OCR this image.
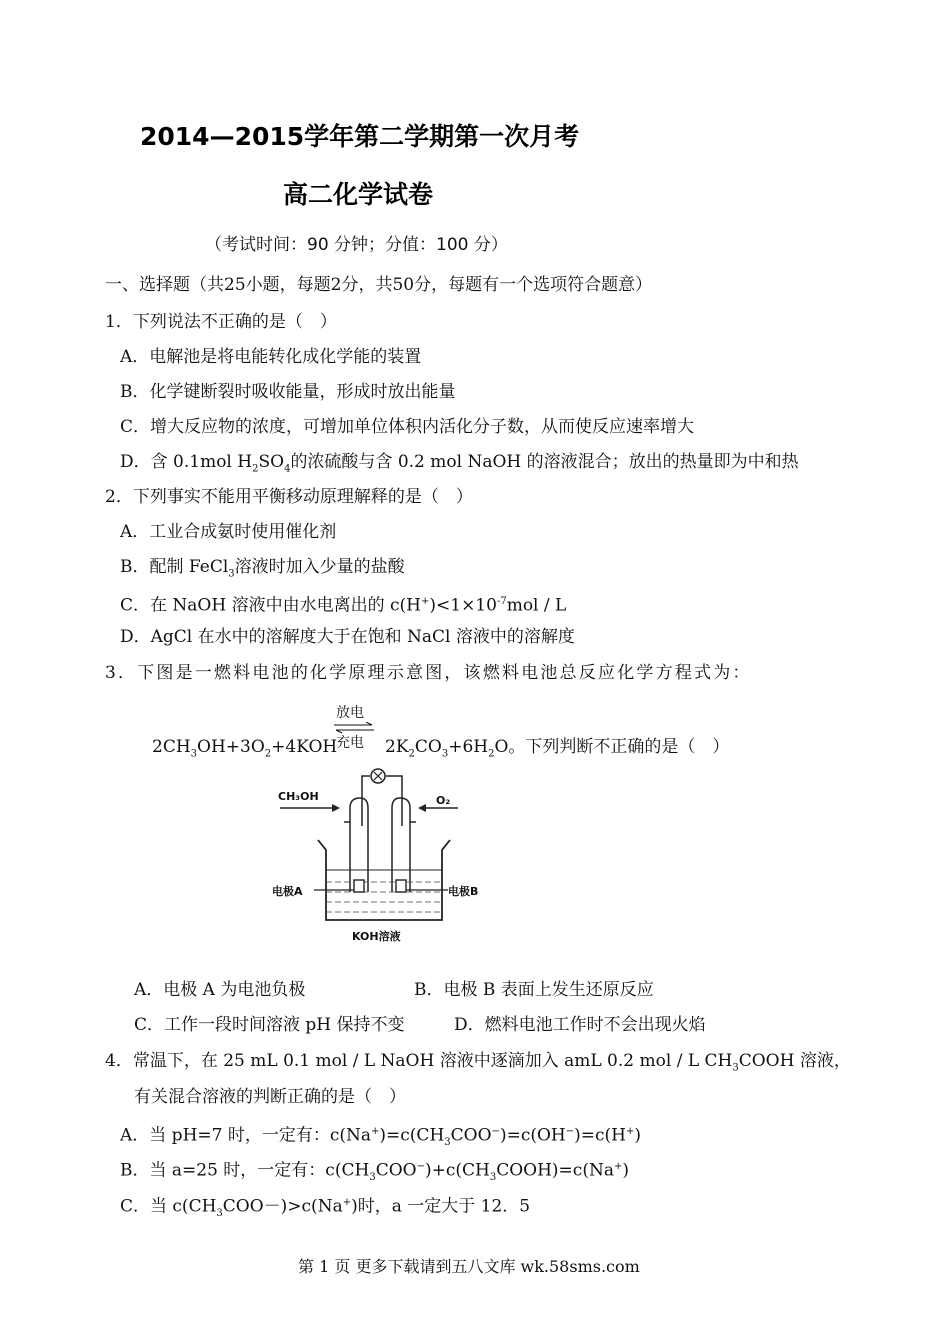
2014—2015学年第二学期第一次月考
高二化学试卷
（考试时间：90 分钟；分值：100 分）
一、选择题（共25小题，每题2分，共50分，每题有一个选项符合题意）
1．下列说法不正确的是（　）
A．电解池是将电能转化成化学能的装置
B．化学键断裂时吸收能量，形成时放出能量
C．增大反应物的浓度，可增加单位体积内活化分子数，从而使反应速率增大
D．含 0.1mol $H_2SO_4$的浓硫酸与含 0.2 mol NaOH 的溶液混合；放出的热量即为中和热
2．下列事实不能用平衡移动原理解释的是（　）
A．工业合成氨时使用催化剂
B．配制 FeCl$_3$溶液时加入少量的盐酸
C．在 NaOH 溶液中由水电离出的 $c(H^+)<1\times 10^{-7}mol / L$
D．AgCl 在水中的溶解度大于在饱和 NaCl 溶液中的溶解度
3．下图是一燃料电池的化学原理示意图，该燃料电池总反应化学方程式为：
$2CH_3OH+3O_2+4KOH$
放电
充电 $2K_2CO_3+6H_2O$。下列判断不正确的是（　）
CH₃OH	O₂
电极A	电极B
KOH溶液
A．电极 A 为电池负极	B．电极 B 表面上发生还原反应
C．工作一段时间溶液 pH 保持不变	D．燃料电池工作时不会出现火焰
4．常温下，在 25 mL 0.1 mol / L NaOH 溶液中逐滴加入 amL 0.2 mol / L $CH_3COOH$ 溶液，
有关混合溶液的判断正确的是（　）
A．当 pH=7 时，一定有：$c(Na^+)=c(CH_3COO^-)=c(OH^-)=c(H^+)$
B．当 a=25 时，一定有：$c(CH_3COO^-)+c(CH_3COOH)=c(Na^+)$
C．当 $c(CH_3COO-)>c(Na^+)$时，a 一定大于 12．5
第 1 页 更多下载请到五八文库 wk.58sms.com
